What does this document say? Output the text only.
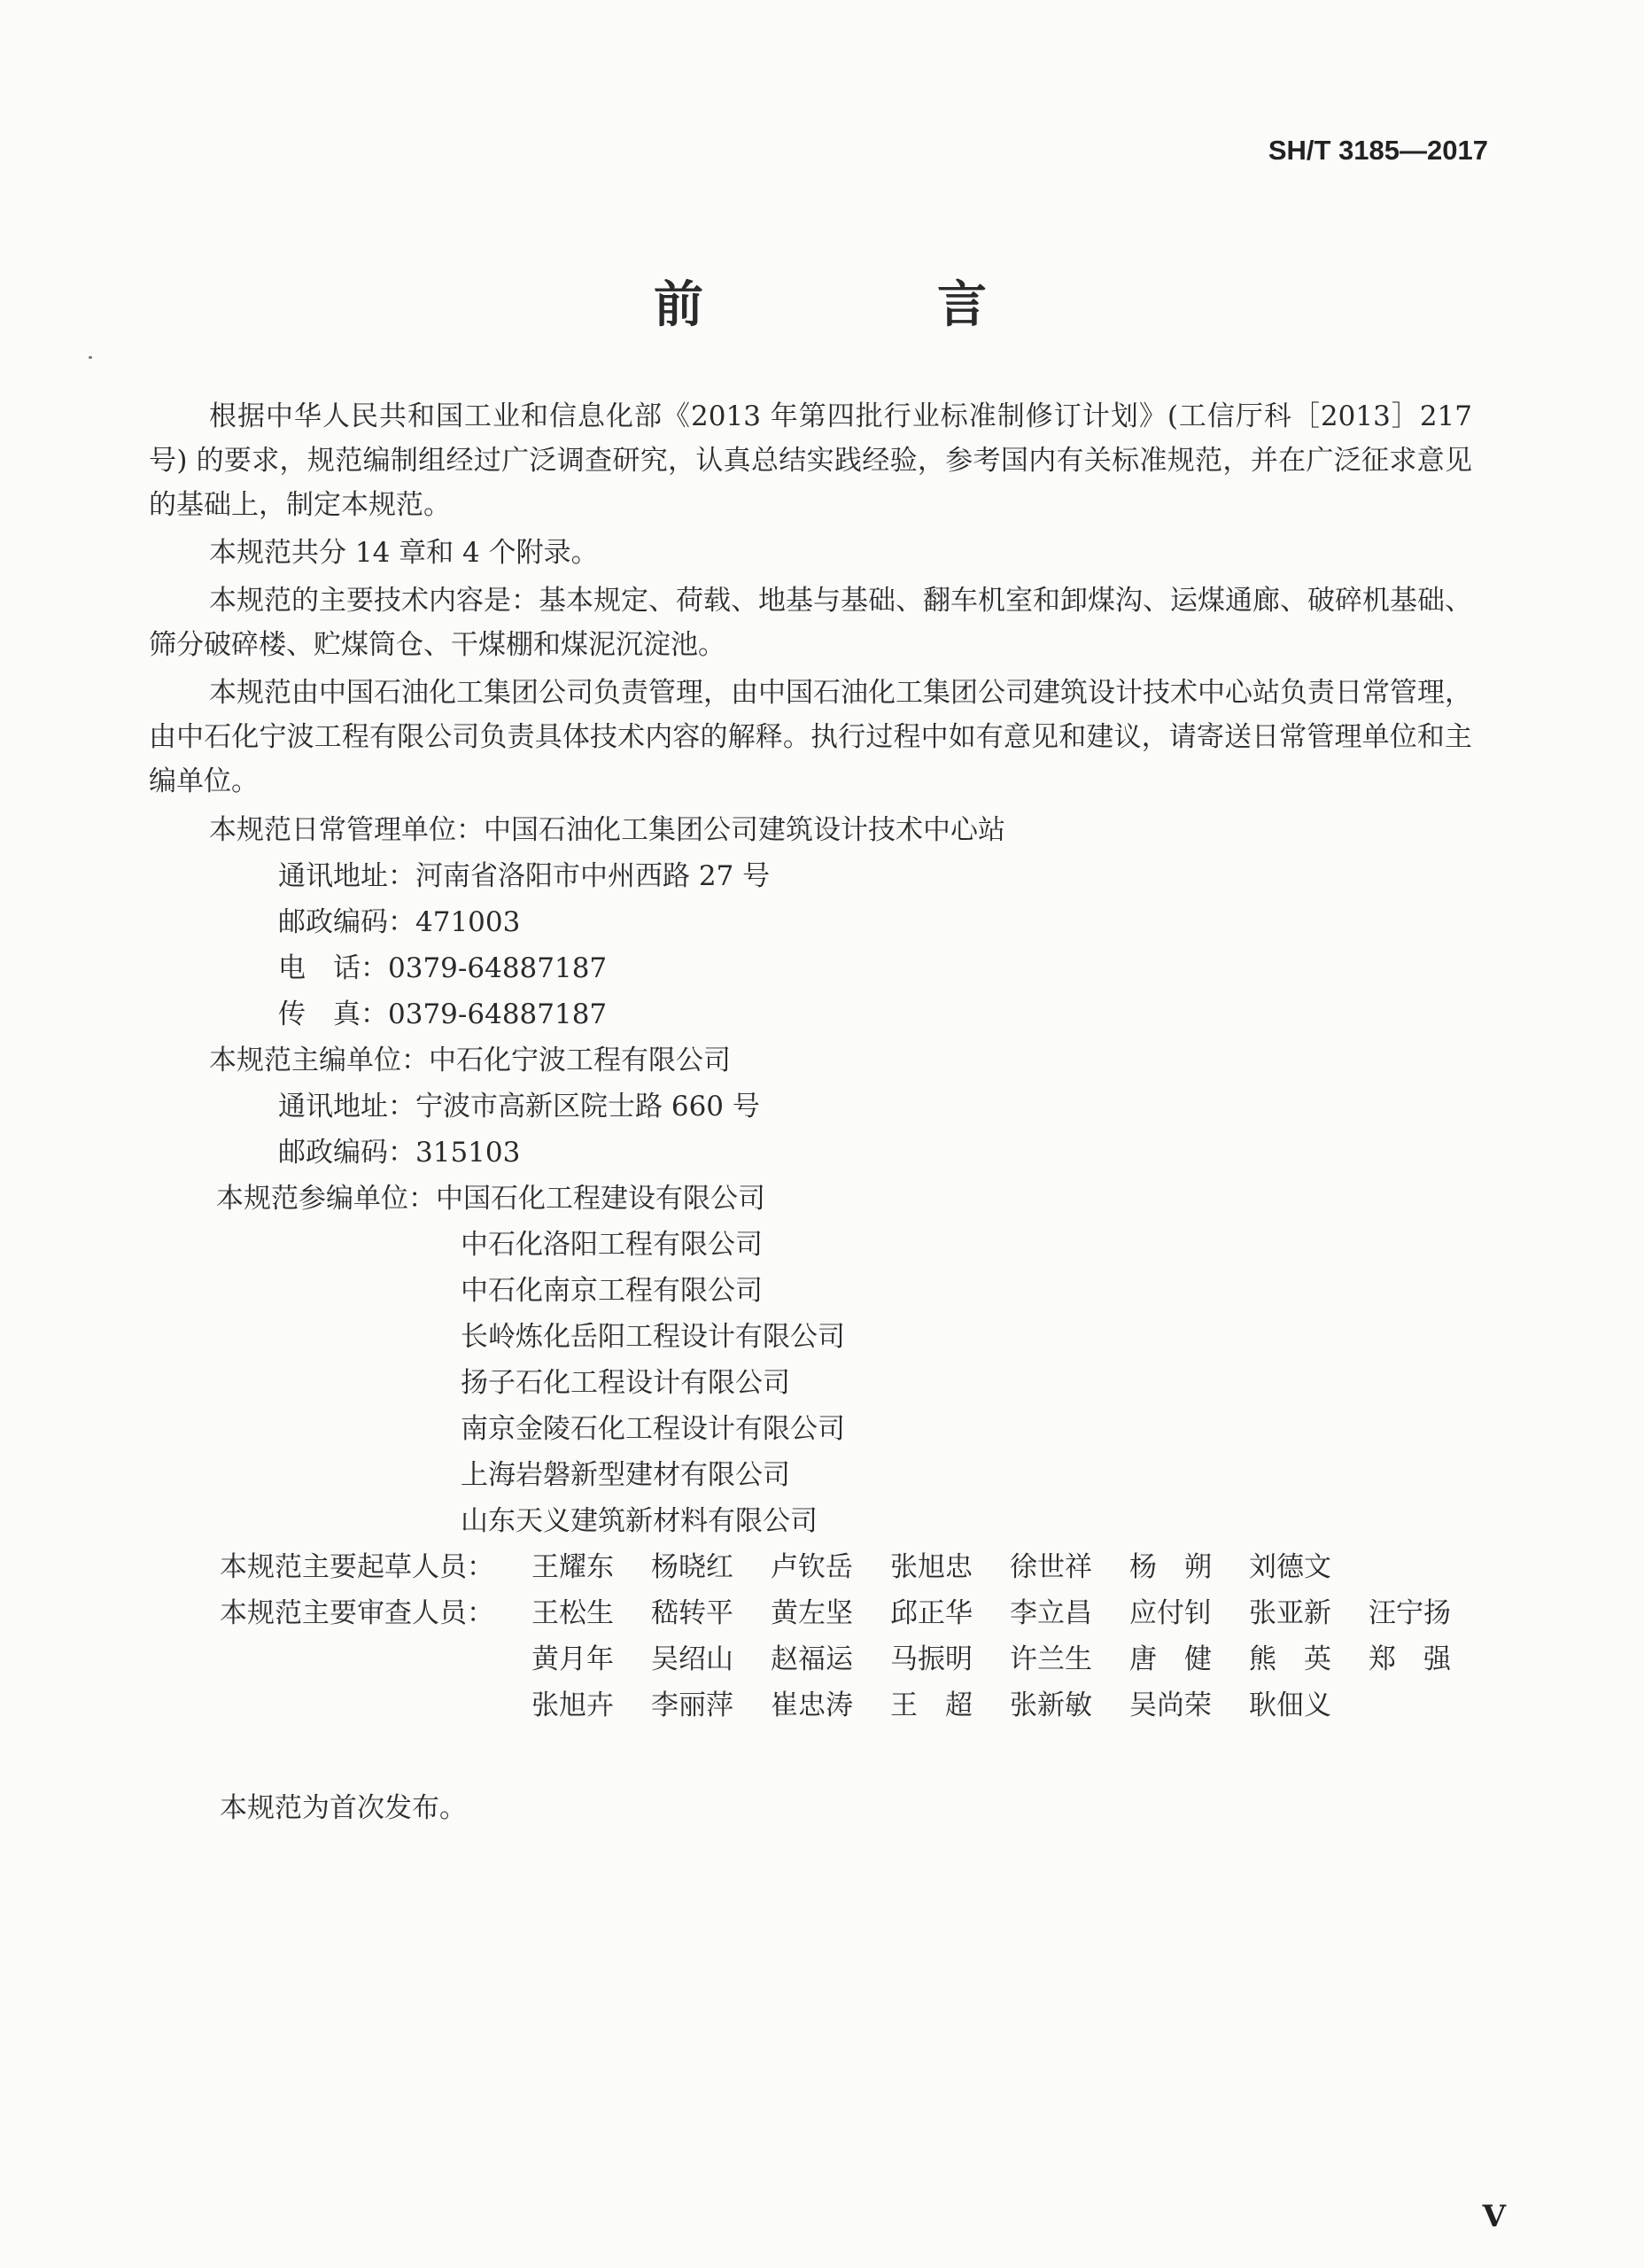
SH/T 3185—2017
前　言

根据中华人民共和国工业和信息化部《2013 年第四批行业标准制修订计划》(工信厅科［2013］217 号) 的要求，规范编制组经过广泛调查研究，认真总结实践经验，参考国内有关标准规范，并在广泛征求意见的基础上，制定本规范。

本规范共分 14 章和 4 个附录。

本规范的主要技术内容是：基本规定、荷载、地基与基础、翻车机室和卸煤沟、运煤通廊、破碎机基础、筛分破碎楼、贮煤筒仓、干煤棚和煤泥沉淀池。

本规范由中国石油化工集团公司负责管理，由中国石油化工集团公司建筑设计技术中心站负责日常管理，由中石化宁波工程有限公司负责具体技术内容的解释。执行过程中如有意见和建议，请寄送日常管理单位和主编单位。

本规范日常管理单位：中国石油化工集团公司建筑设计技术中心站
通讯地址：河南省洛阳市中州西路 27 号
邮政编码：471003
电　话：0379-64887187
传　真：0379-64887187
本规范主编单位：中石化宁波工程有限公司
通讯地址：宁波市高新区院士路 660 号
邮政编码：315103
本规范参编单位：中国石化工程建设有限公司
中石化洛阳工程有限公司
中石化南京工程有限公司
长岭炼化岳阳工程设计有限公司
扬子石化工程设计有限公司
南京金陵石化工程设计有限公司
上海岩磐新型建材有限公司
山东天义建筑新材料有限公司
本规范主要起草人员：	王耀东	杨晓红	卢钦岳	张旭忠	徐世祥	杨　朔	刘德文
本规范主要审查人员：	王松生	嵇转平	黄左坚	邱正华	李立昌	应付钊	张亚新	汪宁扬
黄月年	吴绍山	赵福运	马振明	许兰生	唐　健	熊　英	郑　强
张旭卉	李丽萍	崔忠涛	王　超	张新敏	吴尚荣	耿佃义
本规范为首次发布。
V
